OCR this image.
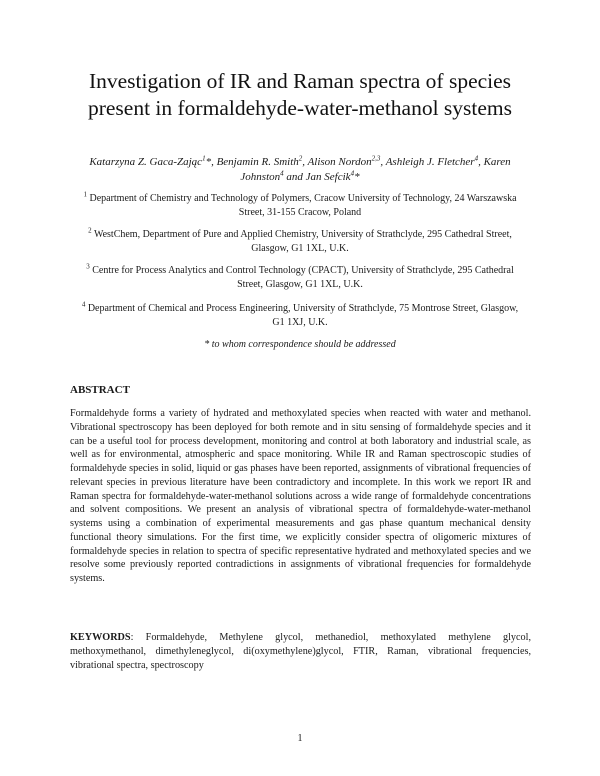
Investigation of IR and Raman spectra of species present in formaldehyde-water-methanol systems
Katarzyna Z. Gaca-Zając$^1$*, Benjamin R. Smith$^2$, Alison Nordon$^{2,3}$, Ashleigh J. Fletcher$^4$, Karen Johnston$^4$ and Jan Sefcik$^4$*
$^1$ Department of Chemistry and Technology of Polymers, Cracow University of Technology, 24 Warszawska Street, 31-155 Cracow, Poland
$^2$ WestChem, Department of Pure and Applied Chemistry, University of Strathclyde, 295 Cathedral Street, Glasgow, G1 1XL, U.K.
$^3$ Centre for Process Analytics and Control Technology (CPACT), University of Strathclyde, 295 Cathedral Street, Glasgow, G1 1XL, U.K.
$^4$ Department of Chemical and Process Engineering, University of Strathclyde, 75 Montrose Street, Glasgow, G1 1XJ, U.K.
* to whom correspondence should be addressed
ABSTRACT
Formaldehyde forms a variety of hydrated and methoxylated species when reacted with water and methanol. Vibrational spectroscopy has been deployed for both remote and in situ sensing of formaldehyde species and it can be a useful tool for process development, monitoring and control at both laboratory and industrial scale, as well as for environmental, atmospheric and space monitoring. While IR and Raman spectroscopic studies of formaldehyde species in solid, liquid or gas phases have been reported, assignments of vibrational frequencies of relevant species in previous literature have been contradictory and incomplete. In this work we report IR and Raman spectra for formaldehyde-water-methanol solutions across a wide range of formaldehyde concentrations and solvent compositions. We present an analysis of vibrational spectra of formaldehyde-water-methanol systems using a combination of experimental measurements and gas phase quantum mechanical density functional theory simulations. For the first time, we explicitly consider spectra of oligomeric mixtures of formaldehyde species in relation to spectra of specific representative hydrated and methoxylated species and we resolve some previously reported contradictions in assignments of vibrational frequencies for formaldehyde systems.
KEYWORDS: Formaldehyde, Methylene glycol, methanediol, methoxylated methylene glycol, methoxymethanol, dimethyleneglycol, di(oxymethylene)glycol, FTIR, Raman, vibrational frequencies, vibrational spectra, spectroscopy
1
